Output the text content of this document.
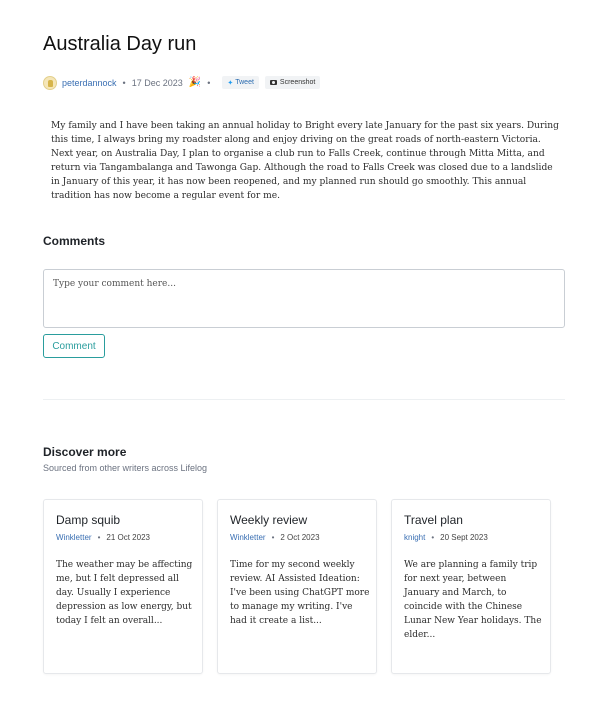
Australia Day run
peterdannock • 17 Dec 2023 🎉 • ✦ Tweet	Screenshot

My family and I have been taking an annual holiday to Bright every late January for the past six years. During this time, I always bring my roadster along and enjoy driving on the great roads of north-eastern Victoria. Next year, on Australia Day, I plan to organise a club run to Falls Creek, continue through Mitta Mitta, and return via Tangambalanga and Tawonga Gap. Although the road to Falls Creek was closed due to a landslide in January of this year, it has now been reopened, and my planned run should go smoothly. This annual tradition has now become a regular event for me.

Comments
Type your comment here...
Comment
Discover more
Sourced from other writers across Lifelog
Damp squib
Winkletter • 21 Oct 2023

The weather may be affecting me, but I felt depressed all day. Usually I experience depression as low energy, but today I felt an overall...

Weekly review
Winkletter • 2 Oct 2023

Time for my second weekly review. AI Assisted Ideation: I've been using ChatGPT more to manage my writing. I've had it create a list...

Travel plan
knight • 20 Sept 2023

We are planning a family trip for next year, between January and March, to coincide with the Chinese Lunar New Year holidays. The elder...
